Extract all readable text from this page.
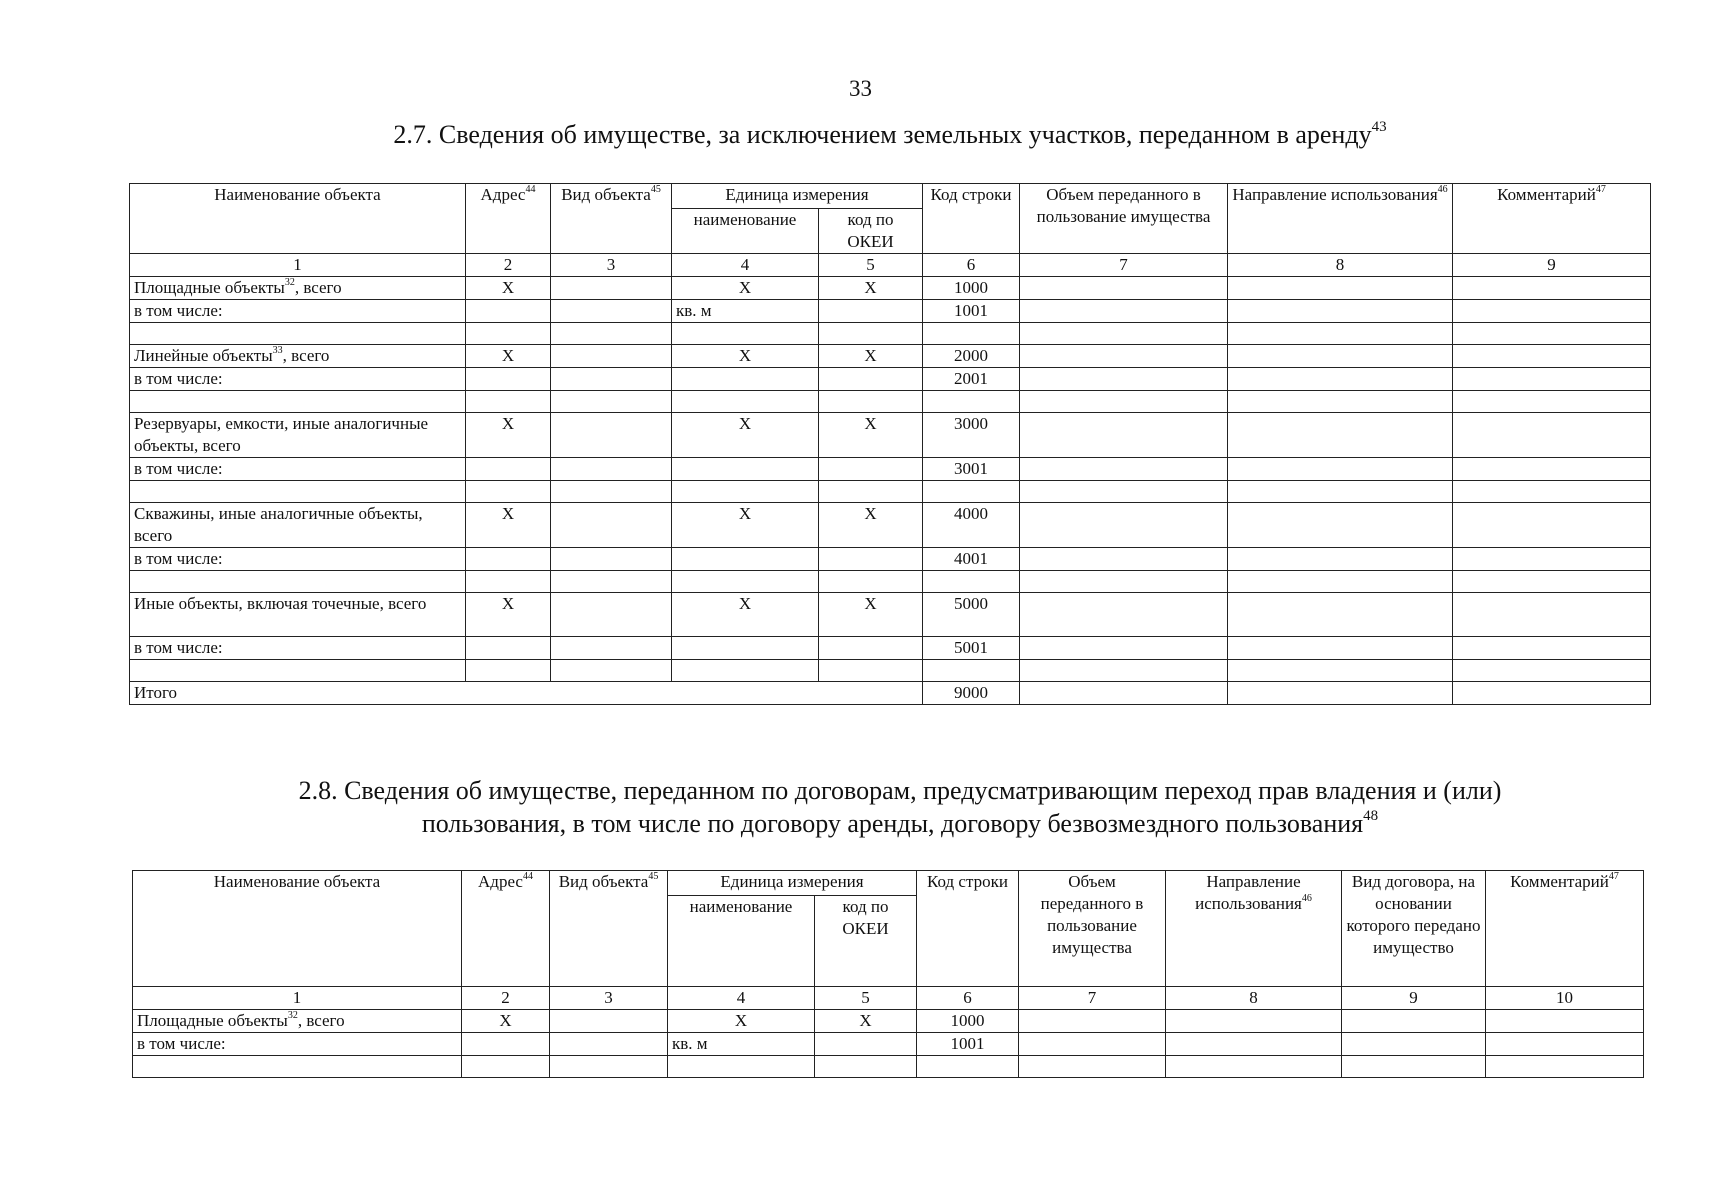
33
2.7. Сведения об имуществе, за исключением земельных участков, переданном в аренду$^{43}$
Наименование объекта	Адрес$^{44}$	Вид объекта$^{45}$	Единица измерения		Код строки	Объем переданного в пользование имущества	Направление использования$^{46}$	Комментарий$^{47}$
			наименование	код по ОКЕИ				
1	2	3	4	5	6	7	8	9
Площадные объекты$^{32}$, всего	Х		Х	Х	1000			
в том числе:			кв. м		1001			

Линейные объекты$^{33}$, всего	Х		Х	Х	2000			
в том числе:					2001			

Резервуары, емкости, иные аналогичные объекты, всего	Х		Х	Х	3000			
в том числе:					3001			

Скважины, иные аналогичные объекты, всего	Х		Х	Х	4000			
в том числе:					4001			

Иные объекты, включая точечные, всего	Х		Х	Х	5000			
в том числе:					5001			

Итого					9000			
2.8. Сведения об имуществе, переданном по договорам, предусматривающим переход прав владения и (или)
пользования, в том числе по договору аренды, договору безвозмездного пользования$^{48}$
Наименование объекта	Адрес$^{44}$	Вид объекта$^{45}$	Единица измерения		Код строки	Объем переданного в пользование имущества	Направление использования$^{46}$	Вид договора, на основании которого передано имущество	Комментарий$^{47}$
			наименование	код по ОКЕИ					
1	2	3	4	5	6	7	8	9	10
Площадные объекты$^{32}$, всего	Х		Х	Х	1000				
в том числе:			кв. м		1001				
